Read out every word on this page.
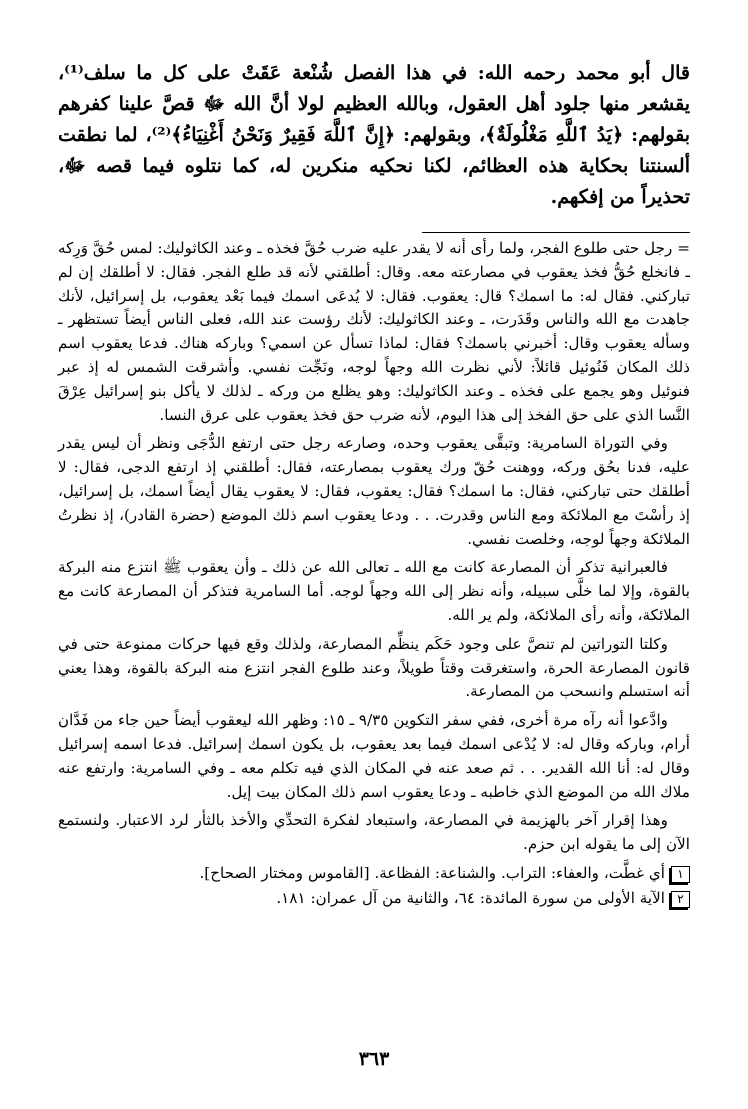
قال أبو محمد رحمه الله: في هذا الفصل شُنْعة عَقَتْ على كل ما سلف⁽¹⁾، يقشعر منها جلود أهل العقول، وبالله العظيم لولا أنَّ الله ﷻ قصَّ علينا كفرهم بقولهم: ﴿يَدُ ٱللَّهِ مَغْلُولَةٌ﴾، وبقولهم: ﴿إِنَّ ٱللَّهَ فَقِيرٌ وَنَحْنُ أَغْنِيَاءُ﴾⁽²⁾، لما نطقت ألسنتنا بحكاية هذه العظائم، لكنا نحكيه منكرين له، كما نتلوه فيما قصه ﷻ، تحذيراً من إفكهم.

= رجل حتى طلوع الفجر، ولما رأى أنه لا يقدر عليه ضرب حُقَّ فخذه ـ وعند الكاثوليك: لمس حُقَّ وَرِكه ـ فانخلع حُقُّ فخذ يعقوب في مصارعته معه. وقال: أطلقني لأنه قد طلع الفجر. فقال: لا أطلقك إن لم تباركني. فقال له: ما اسمك؟ قال: يعقوب. فقال: لا يُدعَى اسمك فيما بَعْد يعقوب، بل إسرائيل، لأنك جاهدت مع الله والناس وقَدَرت، ـ وعند الكاثوليك: لأنك رؤست عند الله، فعلى الناس أيضاً تستظهر ـ وسأله يعقوب وقال: أخبرني باسمك؟ فقال: لماذا تسأل عن اسمي؟ وباركه هناك. فدعا يعقوب اسم ذلك المكان فَنُوئيل قائلاً: لأني نظرت الله وجهاً لوجه، ونَجِّت نفسي. وأشرقت الشمس له إذ عبر فنوئيل وهو يجمع على فخذه ـ وعند الكاثوليك: وهو يظلع من وركه ـ لذلك لا يأكل بنو إسرائيل عِرْقَ النَّسا الذي على حق الفخذ إلى هذا اليوم، لأنه ضرب حق فخذ يعقوب على عرق النسا.

وفي التوراة السامرية: وتبقَّى يعقوب وحده، وصارعه رجل حتى ارتفع الدُّجَى ونظر أن ليس يقدر عليه، فدنا بحُق وركه، ووهنت حُقّ ورك يعقوب بمصارعته، فقال: أطلقني إذ ارتفع الدجى، فقال: لا أطلقك حتى تباركني، فقال: ما اسمك؟ فقال: يعقوب، فقال: لا يعقوب يقال أيضاً اسمك، بل إسرائيل، إذ رأسْتَ مع الملائكة ومع الناس وقدرت. . . ودعا يعقوب اسم ذلك الموضع (حضرة القادر)، إذ نظرتُ الملائكة وجهاً لوجه، وخلصت نفسي.

فالعبرانية تذكر أن المصارعة كانت مع الله ـ تعالى الله عن ذلك ـ وأن يعقوب ﷺ انتزع منه البركة بالقوة، وإلا لما خلَّى سبيله، وأنه نظر إلى الله وجهاً لوجه. أما السامرية فتذكر أن المصارعة كانت مع الملائكة، وأنه رأى الملائكة، ولم ير الله.

وكلتا التوراتين لم تنصَّ على وجود حَكَم ينظِّم المصارعة، ولذلك وقع فيها حركات ممنوعة حتى في قانون المصارعة الحرة، واستغرقت وقتاً طويلاً، وعند طلوع الفجر انتزع منه البركة بالقوة، وهذا يعني أنه استسلم وانسحب من المصارعة.

وادَّعوا أنه رآه مرة أخرى، ففي سفر التكوين ٩/٣٥ ـ ١٥: وظهر الله ليعقوب أيضاً حين جاء من فَدَّان أرام، وباركه وقال له: لا يُدْعى اسمك فيما بعد يعقوب، بل يكون اسمك إسرائيل. فدعا اسمه إسرائيل وقال له: أنا الله القدير. . . ثم صعد عنه في المكان الذي فيه تكلم معه ـ وفي السامرية: وارتفع عنه ملاك الله من الموضع الذي خاطبه ـ ودعا يعقوب اسم ذلك المكان بيت إيل.

وهذا إقرار آخر بالهزيمة في المصارعة، واستبعاد لفكرة التحدِّي والأخذ بالثأر لرد الاعتبار. ولنستمع الآن إلى ما يقوله ابن حزم.

١
أي غطَّت، والعفاء: التراب. والشناعة: الفظاعة. [القاموس ومختار الصحاح].
٢
الآية الأولى من سورة المائدة: ٦٤، والثانية من آل عمران: ١٨١.
٣٦٣
